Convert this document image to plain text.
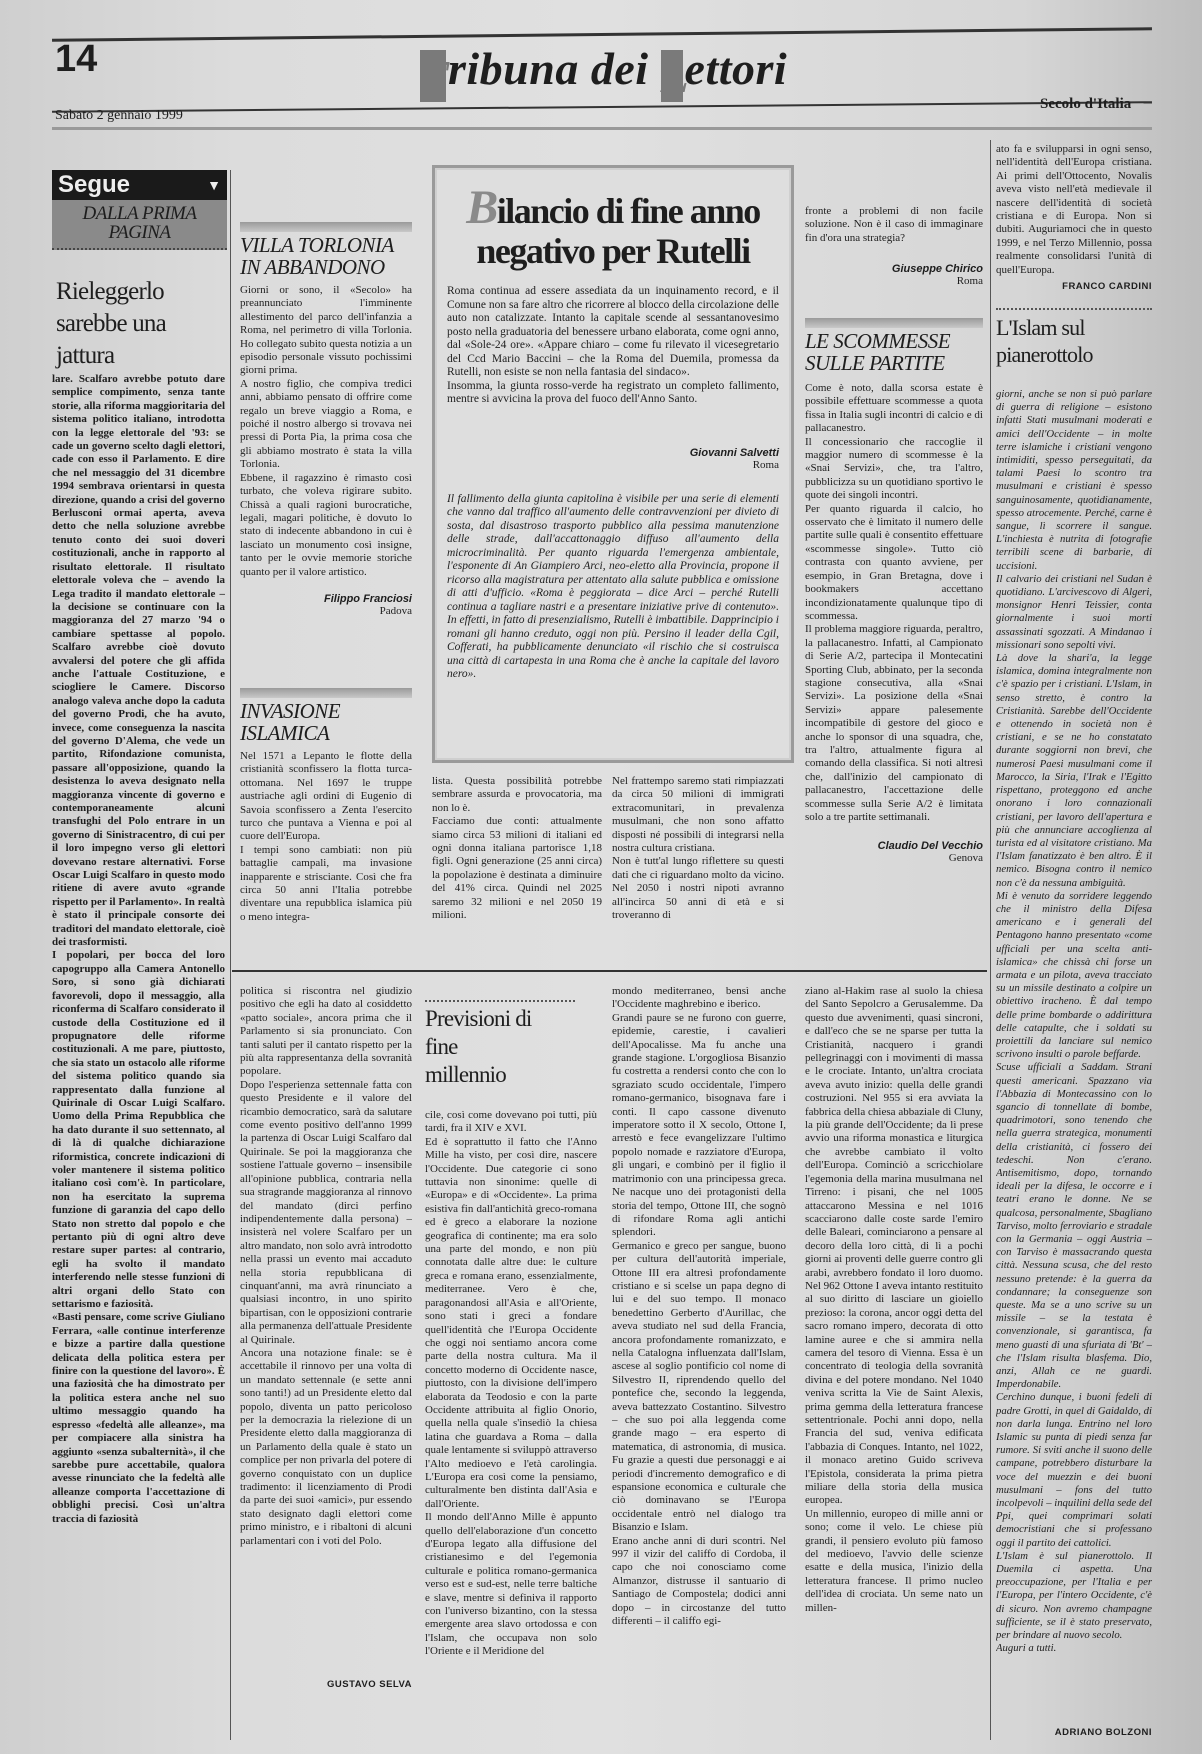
14	Tribuna dei Lettori
Sabato 2 gennaio 1999
Secolo d'Italia
Segue	▼
DALLA PRIMA PAGINA
Rieleggerlo sarebbe una jattura
lare. Scalfaro avrebbe potuto dare semplice compimento, senza tante storie, alla riforma maggioritaria del sistema politico italiano, introdotta con la legge elettorale del '93: se cade un governo scelto dagli elettori, cade con esso il Parlamento. E dire che nel messaggio del 31 dicembre 1994 sembrava orientarsi in questa direzione, quando a crisi del governo Berlusconi ormai aperta, aveva detto che nella soluzione avrebbe tenuto conto dei suoi doveri costituzionali, anche in rapporto al risultato elettorale. Il risultato elettorale voleva che – avendo la Lega tradito il mandato elettorale – la decisione se continuare con la maggioranza del 27 marzo '94 o cambiare spettasse al popolo. Scalfaro avrebbe cioè dovuto avvalersi del potere che gli affida anche l'attuale Costituzione, e sciogliere le Camere. Discorso analogo valeva anche dopo la caduta del governo Prodi, che ha avuto, invece, come conseguenza la nascita del governo D'Alema, che vede un partito, Rifondazione comunista, passare all'opposizione, quando la desistenza lo aveva designato nella maggioranza vincente di governo e contemporaneamente alcuni transfughi del Polo entrare in un governo di Sinistracentro, di cui per il loro impegno verso gli elettori dovevano restare alternativi. Forse Oscar Luigi Scalfaro in questo modo ritiene di avere avuto «grande rispetto per il Parlamento». In realtà è stato il principale consorte dei traditori del mandato elettorale, cioè dei trasformisti.
I popolari, per bocca del loro capogruppo alla Camera Antonello Soro, si sono già dichiarati favorevoli, dopo il messaggio, alla riconferma di Scalfaro considerato il custode della Costituzione ed il propugnatore delle riforme costituzionali. A me pare, piuttosto, che sia stato un ostacolo alle riforme del sistema politico quando sia rappresentato dalla funzione al Quirinale di Oscar Luigi Scalfaro. Uomo della Prima Repubblica che ha dato durante il suo settennato, al di là di qualche dichiarazione riformistica, concrete indicazioni di voler mantenere il sistema politico italiano così com'è. In particolare, non ha esercitato la suprema funzione di garanzia del capo dello Stato non stretto dal popolo e che pertanto più di ogni altro deve restare super partes: al contrario, egli ha svolto il mandato interferendo nelle stesse funzioni di altri organi dello Stato con settarismo e faziosità.
«Basti pensare, come scrive Giuliano Ferrara, «alle continue interferenze e bizze a partire dalla questione delicata della politica estera per finire con la questione del lavoro». È una faziosità che ha dimostrato per la politica estera anche nel suo ultimo messaggio quando ha espresso «fedeltà alle alleanze», ma per compiacere alla sinistra ha aggiunto «senza subalternità», il che sarebbe pure accettabile, qualora avesse rinunciato che la fedeltà alle alleanze comporta l'accettazione di obblighi precisi. Così un'altra traccia di faziosità
VILLA TORLONIA IN ABBANDONO
Giorni or sono, il «Secolo» ha preannunciato l'imminente allestimento del parco dell'infanzia a Roma, nel perimetro di villa Torlonia. Ho collegato subito questa notizia a un episodio personale vissuto pochissimi giorni prima.
A nostro figlio, che compiva tredici anni, abbiamo pensato di offrire come regalo un breve viaggio a Roma, e poiché il nostro albergo si trovava nei pressi di Porta Pia, la prima cosa che gli abbiamo mostrato è stata la villa Torlonia.
Ebbene, il ragazzino è rimasto così turbato, che voleva rigirare subito. Chissà a quali ragioni burocratiche, legali, magari politiche, è dovuto lo stato di indecente abbandono in cui è lasciato un monumento così insigne, tanto per le ovvie memorie storiche quanto per il valore artistico.
Filippo Franciosi
Padova
INVASIONE ISLAMICA
Nel 1571 a Lepanto le flotte della cristianità sconfissero la flotta turca-ottomana. Nel 1697 le truppe austriache agli ordini di Eugenio di Savoia sconfissero a Zenta l'esercito turco che puntava a Vienna e poi al cuore dell'Europa.
I tempi sono cambiati: non più battaglie campali, ma invasione inapparente e strisciante. Così che fra circa 50 anni l'Italia potrebbe diventare una repubblica islamica più o meno integra-
Bilancio di fine anno negativo per Rutelli
Roma continua ad essere assediata da un inquinamento record, e il Comune non sa fare altro che ricorrere al blocco della circolazione delle auto non catalizzate. Intanto la capitale scende al sessantanovesimo posto nella graduatoria del benessere urbano elaborata, come ogni anno, dal «Sole-24 ore». «Appare chiaro – come fu rilevato il vicesegretario del Ccd Mario Baccini – che la Roma del Duemila, promessa da Rutelli, non esiste se non nella fantasia del sindaco».
Insomma, la giunta rosso-verde ha registrato un completo fallimento, mentre si avvicina la prova del fuoco dell'Anno Santo.
Giovanni Salvetti
Roma
Il fallimento della giunta capitolina è visibile per una serie di elementi che vanno dal traffico all'aumento delle contravvenzioni per divieto di sosta, dal disastroso trasporto pubblico alla pessima manutenzione delle strade, dall'accattonaggio diffuso all'aumento della microcriminalità. Per quanto riguarda l'emergenza ambientale, l'esponente di An Giampiero Arci, neo-eletto alla Provincia, propone il ricorso alla magistratura per attentato alla salute pubblica e omissione di atti d'ufficio. «Roma è peggiorata – dice Arci – perché Rutelli continua a tagliare nastri e a presentare iniziative prive di contenuto». In effetti, in fatto di presenzialismo, Rutelli è imbattibile. Dapprincipio i romani gli hanno creduto, oggi non più. Persino il leader della Cgil, Cofferati, ha pubblicamente denunciato «il rischio che si costruisca una città di cartapesta in una Roma che è anche la capitale del lavoro nero».
lista. Questa possibilità potrebbe sembrare assurda e provocatoria, ma non lo è.
Facciamo due conti: attualmente siamo circa 53 milioni di italiani ed ogni donna italiana partorisce 1,18 figli. Ogni generazione (25 anni circa) la popolazione è destinata a diminuire del 41% circa. Quindi nel 2025 saremo 32 milioni e nel 2050 19 milioni.
Nel frattempo saremo stati rimpiazzati da circa 50 milioni di immigrati extracomunitari, in prevalenza musulmani, che non sono affatto disposti né possibili di integrarsi nella nostra cultura cristiana.
Non è tutt'al lungo riflettere su questi dati che ci riguardano molto da vicino. Nel 2050 i nostri nipoti avranno all'incirca 50 anni di età e si troveranno di
fronte a problemi di non facile soluzione. Non è il caso di immaginare fin d'ora una strategia?
Giuseppe Chirico
Roma
LE SCOMMESSE SULLE PARTITE
Come è noto, dalla scorsa estate è possibile effettuare scommesse a quota fissa in Italia sugli incontri di calcio e di pallacanestro.
Il concessionario che raccoglie il maggior numero di scommesse è la «Snai Servizi», che, tra l'altro, pubblicizza su un quotidiano sportivo le quote dei singoli incontri.
Per quanto riguarda il calcio, ho osservato che è limitato il numero delle partite sulle quali è consentito effettuare «scommesse singole». Tutto ciò contrasta con quanto avviene, per esempio, in Gran Bretagna, dove i bookmakers accettano incondizionatamente qualunque tipo di scommessa.
Il problema maggiore riguarda, peraltro, la pallacanestro. Infatti, al Campionato di Serie A/2, partecipa il Montecatini Sporting Club, abbinato, per la seconda stagione consecutiva, alla «Snai Servizi». La posizione della «Snai Servizi» appare palesemente incompatibile di gestore del gioco e anche lo sponsor di una squadra, che, tra l'altro, attualmente figura al comando della classifica. Si noti altresì che, dall'inizio del campionato di pallacanestro, l'accettazione delle scommesse sulla Serie A/2 è limitata solo a tre partite settimanali.
Claudio Del Vecchio
Genova
ato fa e svilupparsi in ogni senso, nell'identità dell'Europa cristiana. Ai primi dell'Ottocento, Novalis aveva visto nell'età medievale il nascere dell'identità di società cristiana e di Europa. Non si dubiti. Auguriamoci che in questo 1999, e nel Terzo Millennio, possa realmente consolidarsi l'unità di quell'Europa.
FRANCO CARDINI
L'Islam sul pianerottolo
giorni, anche se non si può parlare di guerra di religione – esistono infatti Stati musulmani moderati e amici dell'Occidente – in molte terre islamiche i cristiani vengono intimiditi, spesso perseguitati, da talami Paesi lo scontro tra musulmani e cristiani è spesso sanguinosamente, quotidianamente, spesso atrocemente. Perché, carne è sangue, lì scorrere il sangue. L'inchiesta è nutrita di fotografie terribili scene di barbarie, di uccisioni.
Il calvario dei cristiani nel Sudan è quotidiano. L'arcivescovo di Algeri, monsignor Henri Teissier, conta giornalmente i suoi morti assassinati sgozzati. A Mindanao i missionari sono sepolti vivi.
Là dove la shari'a, la legge islamica, domina integralmente non c'è spazio per i cristiani. L'Islam, in senso stretto, è contro la Cristianità. Sarebbe dell'Occidente e ottenendo in società non è cristiani, e se ne ho constatato durante soggiorni non brevi, che numerosi Paesi musulmani come il Marocco, la Siria, l'Irak e l'Egitto rispettano, proteggono ed anche onorano i loro connazionali cristiani, per lavoro dell'apertura e più che annunciare accoglienza al turista ed al visitatore cristiano. Ma l'Islam fanatizzato è ben altro. È il nemico. Bisogna contro il nemico non c'è da nessuna ambiguità.
Mi è venuto da sorridere leggendo che il ministro della Difesa americano e i generali del Pentagono hanno presentato «come ufficiali per una scelta anti-islamica» che chissà chi forse un armata e un pilota, aveva tracciato su un missile destinato a colpire un obiettivo iracheno. È dal tempo delle prime bombarde o addirittura delle catapulte, che i soldati su proiettili da lanciare sul nemico scrivono insulti o parole beffarde.
Scuse ufficiali a Saddam. Strani questi americani. Spazzano via l'Abbazia di Montecassino con lo sgancio di tonnellate di bombe, quadrimotori, sono tenendo che nella guerra strategica, monumenti della cristianità, ci fossero dei tedeschi. Non c'erano. Antisemitismo, dopo, tornando ideali per la difesa, le occorre e i teatri erano le donne. Ne se qualcosa, personalmente, Sbagliano Tarviso, molto ferroviario e stradale con la Germania – oggi Austria – con Tarviso è massacrando questa città. Nessuna scusa, che del resto nessuno pretende: è la guerra da condannare; la conseguenze son queste. Ma se a uno scrive su un missile – se la testata è convenzionale, si garantisca, fa meno guasti di una sfuriata di 'Bt' – che l'Islam risulta blasfema. Dio, anzi, Allah ce ne guardi. Imperdonabile.
Cerchino dunque, i buoni fedeli di padre Grotti, in quel di Gaidaldo, di non darla lunga. Entrino nel loro Islamic su punta di piedi senza far rumore. Si sviti anche il suono delle campane, potrebbero disturbare la voce del muezzin e dei buoni musulmani – fons del tutto incolpevoli – inquilini della sede del Ppi, quei comprimari solati democristiani che si professano oggi il partito dei cattolici.
L'Islam è sul pianerottolo. Il Duemila ci aspetta. Una preoccupazione, per l'Italia e per l'Europa, per l'intero Occidente, c'è di sicuro. Non avremo champagne sufficiente, se il è stato preservato, per brindare al nuovo secolo.
Auguri a tutti.
ADRIANO BOLZONI
politica si riscontra nel giudizio positivo che egli ha dato al cosiddetto «patto sociale», ancora prima che il Parlamento si sia pronunciato. Con tanti saluti per il cantato rispetto per la più alta rappresentanza della sovranità popolare.
Dopo l'esperienza settennale fatta con questo Presidente e il valore del ricambio democratico, sarà da salutare come evento positivo dell'anno 1999 la partenza di Oscar Luigi Scalfaro dal Quirinale. Se poi la maggioranza che sostiene l'attuale governo – insensibile all'opinione pubblica, contraria nella sua stragrande maggioranza al rinnovo del mandato (dirci perfino indipendentemente dalla persona) – insisterà nel volere Scalfaro per un altro mandato, non solo avrà introdotto nella prassi un evento mai accaduto nella storia repubblicana di cinquant'anni, ma avrà rinunciato a qualsiasi incontro, in uno spirito bipartisan, con le opposizioni contrarie alla permanenza dell'attuale Presidente al Quirinale.
Ancora una notazione finale: se è accettabile il rinnovo per una volta di un mandato settennale (e sette anni sono tanti!) ad un Presidente eletto dal popolo, diventa un patto pericoloso per la democrazia la rielezione di un Presidente eletto dalla maggioranza di un Parlamento della quale è stato un complice per non privarla del potere di governo conquistato con un duplice tradimento: il licenziamento di Prodi da parte dei suoi «amici», pur essendo stato designato dagli elettori come primo ministro, e i ribaltoni di alcuni parlamentari con i voti del Polo.
GUSTAVO SELVA
Previsioni di fine millennio
cile, così come dovevano poi tutti, più tardi, fra il XIV e XVI.
Ed è soprattutto il fatto che l'Anno Mille ha visto, per così dire, nascere l'Occidente. Due categorie ci sono tuttavia non sinonime: quelle di «Europa» e di «Occidente». La prima esistiva fin dall'antichità greco-romana ed è greco a elaborare la nozione geografica di continente; ma era solo una parte del mondo, e non più connotata dalle altre due: le culture greca e romana erano, essenzialmente, mediterranee. Vero è che, paragonandosi all'Asia e all'Oriente, sono stati i greci a fondare quell'identità che l'Europa Occidente che oggi noi sentiamo ancora come parte della nostra cultura. Ma il concetto moderno di Occidente nasce, piuttosto, con la divisione dell'impero elaborata da Teodosio e con la parte Occidente attribuita al figlio Onorio, quella nella quale s'insediò la chiesa latina che guardava a Roma – dalla quale lentamente si sviluppò attraverso l'Alto medioevo e l'età carolingia. L'Europa era così come la pensiamo, culturalmente ben distinta dall'Asia e dall'Oriente.
Il mondo dell'Anno Mille è appunto quello dell'elaborazione d'un concetto d'Europa legato alla diffusione del cristianesimo e del l'egemonia culturale e politica romano-germanica verso est e sud-est, nelle terre baltiche e slave, mentre si definiva il rapporto con l'universo bizantino, con la stessa emergente area slavo ortodossa e con l'Islam, che occupava non solo l'Oriente e il Meridione del
mondo mediterraneo, bensì anche l'Occidente maghrebino e iberico.
Grandi paure se ne furono con guerre, epidemie, carestie, i cavalieri dell'Apocalisse. Ma fu anche una grande stagione. L'orgogliosa Bisanzio fu costretta a rendersi conto che con lo sgraziato scudo occidentale, l'impero romano-germanico, bisognava fare i conti. Il capo cassone divenuto imperatore sotto il X secolo, Ottone I, arrestò e fece evangelizzare l'ultimo popolo nomade e razziatore d'Europa, gli ungari, e combinò per il figlio il matrimonio con una principessa greca. Ne nacque uno dei protagonisti della storia del tempo, Ottone III, che sognò di rifondare Roma agli antichi splendori.
Germanico e greco per sangue, buono per cultura dell'autorità imperiale, Ottone III era altresì profondamente cristiano e si scelse un papa degno di lui e del suo tempo. Il monaco benedettino Gerberto d'Aurillac, che aveva studiato nel sud della Francia, ancora profondamente romanizzato, e nella Catalogna influenzata dall'Islam, ascese al soglio pontificio col nome di Silvestro II, riprendendo quello del pontefice che, secondo la leggenda, aveva battezzato Costantino. Silvestro – che suo poi alla leggenda come grande mago – era esperto di matematica, di astronomia, di musica. Fu grazie a questi due personaggi e ai periodi d'incremento demografico e di espansione economica e culturale che ciò dominavano se l'Europa occidentale entrò nel dialogo tra Bisanzio e Islam.
Erano anche anni di duri scontri. Nel 997 il vizir del califfo di Cordoba, il capo che noi conosciamo come Almanzor, distrusse il santuario di Santiago de Compostela; dodici anni dopo – in circostanze del tutto differenti – il califfo egi-
ziano al-Hakim rase al suolo la chiesa del Santo Sepolcro a Gerusalemme. Da questo due avvenimenti, quasi sincroni, e dall'eco che se ne sparse per tutta la Cristianità, nacquero i grandi pellegrinaggi con i movimenti di massa e le crociate. Intanto, un'altra crociata aveva avuto inizio: quella delle grandi costruzioni. Nel 955 si era avviata la fabbrica della chiesa abbaziale di Cluny, la più grande dell'Occidente; da lì prese avvio una riforma monastica e liturgica che avrebbe cambiato il volto dell'Europa. Cominciò a scricchiolare l'egemonia della marina musulmana nel Tirreno: i pisani, che nel 1005 attaccarono Messina e nel 1016 scacciarono dalle coste sarde l'emiro delle Baleari, cominciarono a pensare al decoro della loro città, di lì a pochi giorni ai proventi delle guerre contro gli arabi, avrebbero fondato il loro duomo. Nel 962 Ottone I aveva intanto restituito al suo diritto di lasciare un gioiello prezioso: la corona, ancor oggi detta del sacro romano impero, decorata di otto lamine auree e che si ammira nella camera del tesoro di Vienna. Essa è un concentrato di teologia della sovranità divina e del potere mondano. Nel 1040 veniva scritta la Vie de Saint Alexis, prima gemma della letteratura francese settentrionale. Pochi anni dopo, nella Francia del sud, veniva edificata l'abbazia di Conques. Intanto, nel 1022, il monaco aretino Guido scriveva l'Epistola, considerata la prima pietra miliare della storia della musica europea.
Un millennio, europeo di mille anni or sono; come il velo. Le chiese più grandi, il pensiero evoluto più famoso del medioevo, l'avvio delle scienze esatte e della musica, l'inizio della letteratura francese. Il primo nucleo dell'idea di crociata. Un seme nato un millen-
